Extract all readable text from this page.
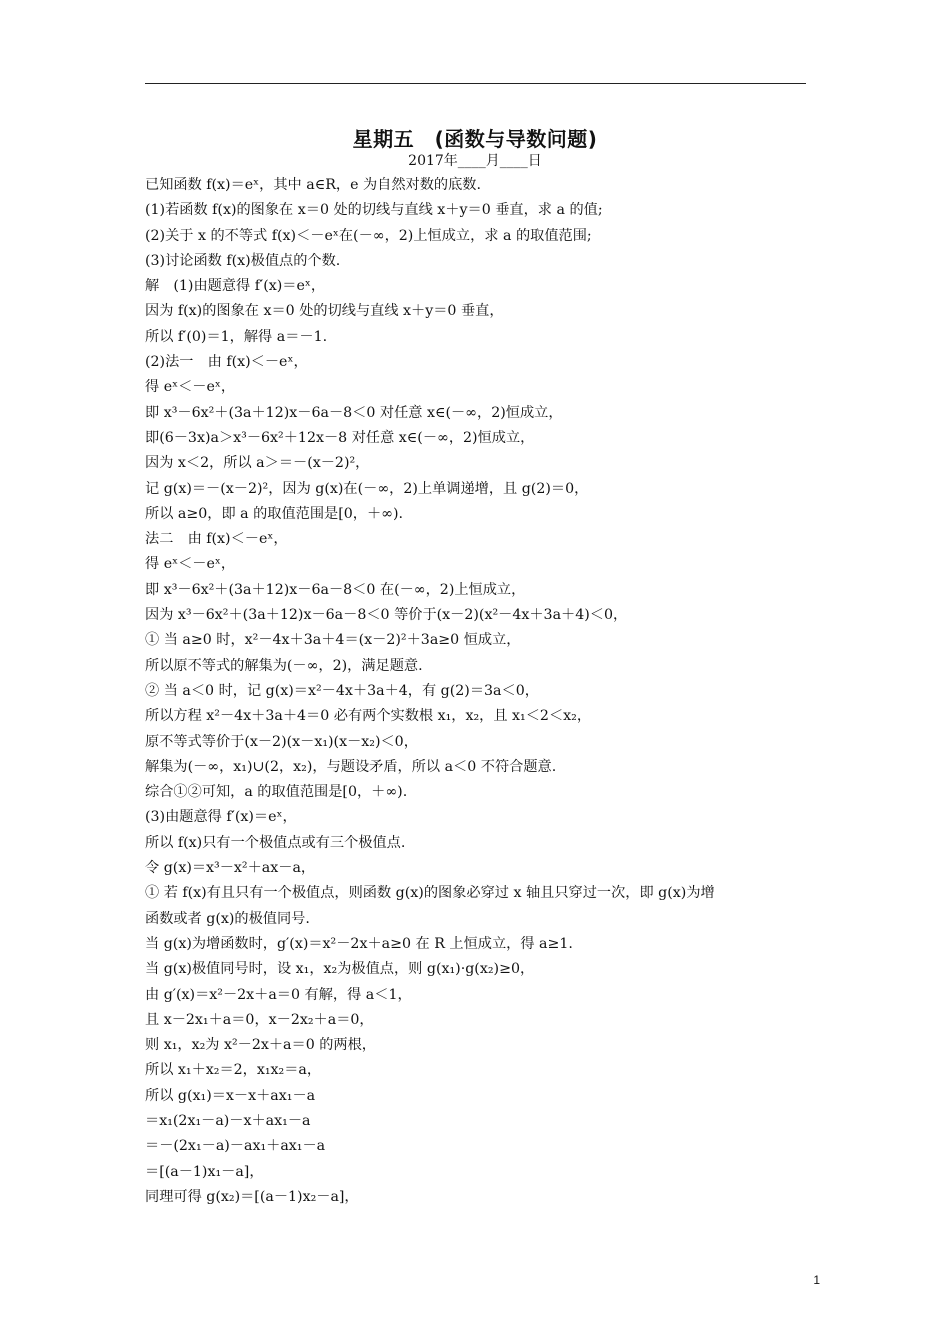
星期五　(函数与导数问题)
2017年____月____日
已知函数 f(x)＝eˣ，其中 a∈R，e 为自然对数的底数.
(1)若函数 f(x)的图象在 x＝0 处的切线与直线 x＋y＝0 垂直，求 a 的值;
(2)关于 x 的不等式 f(x)＜－eˣ在(－∞，2)上恒成立，求 a 的取值范围;
(3)讨论函数 f(x)极值点的个数.
解　(1)由题意得 f′(x)＝eˣ，
因为 f(x)的图象在 x＝0 处的切线与直线 x＋y＝0 垂直，
所以 f′(0)＝1，解得 a＝－1.
(2)法一　由 f(x)＜－eˣ，
得 eˣ＜－eˣ，
即 x³－6x²＋(3a＋12)x－6a－8＜0 对任意 x∈(－∞，2)恒成立，
即(6－3x)a＞x³－6x²＋12x－8 对任意 x∈(－∞，2)恒成立，
因为 x＜2，所以 a＞＝－(x－2)²，
记 g(x)＝－(x－2)²，因为 g(x)在(－∞，2)上单调递增，且 g(2)＝0，
所以 a≥0，即 a 的取值范围是[0，＋∞).
法二　由 f(x)＜－eˣ，
得 eˣ＜－eˣ，
即 x³－6x²＋(3a＋12)x－6a－8＜0 在(－∞，2)上恒成立，
因为 x³－6x²＋(3a＋12)x－6a－8＜0 等价于(x－2)(x²－4x＋3a＋4)＜0，
① 当 a≥0 时，x²－4x＋3a＋4＝(x－2)²＋3a≥0 恒成立，
所以原不等式的解集为(－∞，2)，满足题意.
② 当 a＜0 时，记 g(x)＝x²－4x＋3a＋4，有 g(2)＝3a＜0，
所以方程 x²－4x＋3a＋4＝0 必有两个实数根 x₁，x₂，且 x₁＜2＜x₂，
原不等式等价于(x－2)(x－x₁)(x－x₂)＜0，
解集为(－∞，x₁)∪(2，x₂)，与题设矛盾，所以 a＜0 不符合题意.
综合①②可知，a 的取值范围是[0，＋∞).
(3)由题意得 f′(x)＝eˣ，
所以 f(x)只有一个极值点或有三个极值点.
令 g(x)＝x³－x²＋ax－a，
① 若 f(x)有且只有一个极值点，则函数 g(x)的图象必穿过 x 轴且只穿过一次，即 g(x)为增
函数或者 g(x)的极值同号.
当 g(x)为增函数时，g′(x)＝x²－2x＋a≥0 在 R 上恒成立，得 a≥1.
当 g(x)极值同号时，设 x₁，x₂为极值点，则 g(x₁)·g(x₂)≥0，
由 g′(x)＝x²－2x＋a＝0 有解，得 a＜1，
且 x－2x₁＋a＝0，x－2x₂＋a＝0，
则 x₁，x₂为 x²－2x＋a＝0 的两根，
所以 x₁＋x₂＝2，x₁x₂＝a，
所以 g(x₁)＝x－x＋ax₁－a
＝x₁(2x₁－a)－x＋ax₁－a
＝－(2x₁－a)－ax₁＋ax₁－a
＝[(a－1)x₁－a]，
同理可得 g(x₂)＝[(a－1)x₂－a]，
1
